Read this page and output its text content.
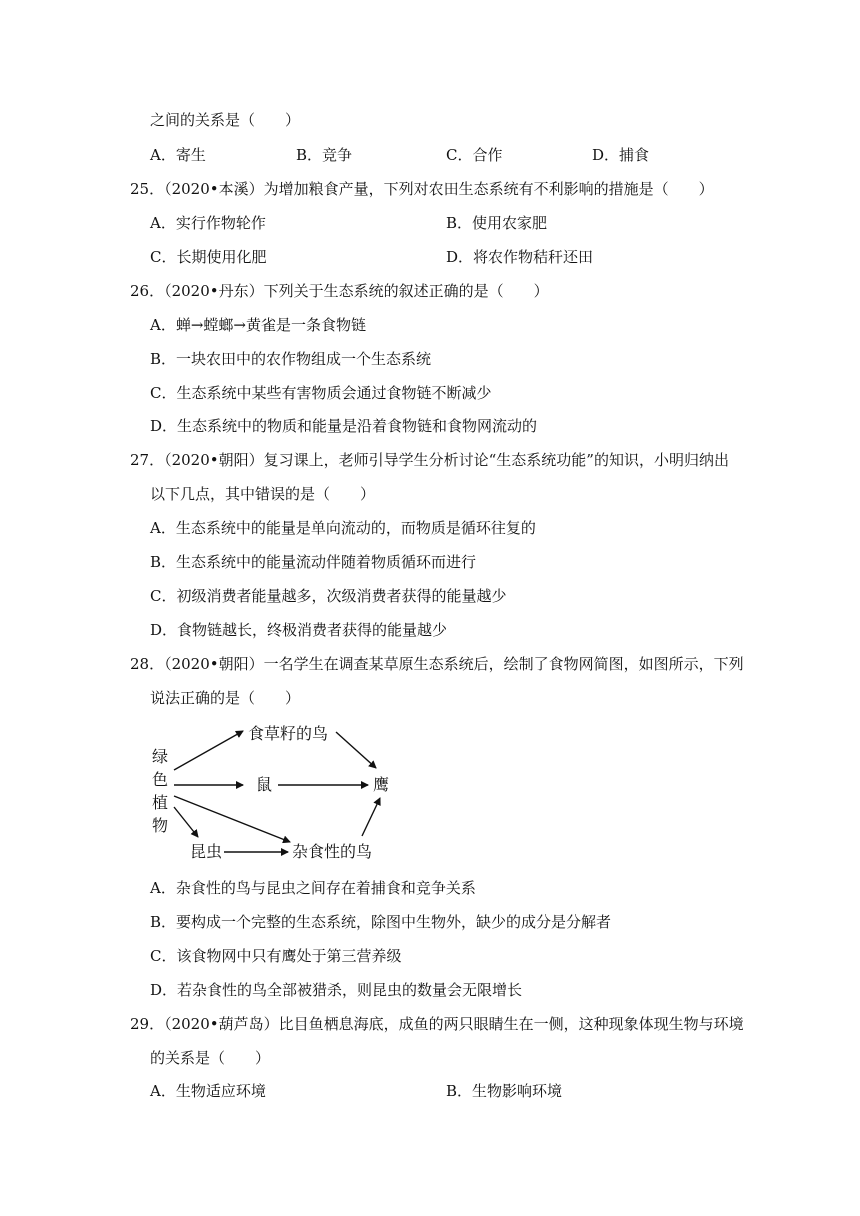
之间的关系是（　　）
A．寄生	B．竞争	C．合作	D．捕食
25．（2020•本溪）为增加粮食产量，下列对农田生态系统有不利影响的措施是（　　）
A．实行作物轮作	B．使用农家肥
C．长期使用化肥	D．将农作物秸秆还田
26．（2020•丹东）下列关于生态系统的叙述正确的是（　　）
A．蝉→螳螂→黄雀是一条食物链
B．一块农田中的农作物组成一个生态系统
C．生态系统中某些有害物质会通过食物链不断减少
D．生态系统中的物质和能量是沿着食物链和食物网流动的
27．（2020•朝阳）复习课上，老师引导学生分析讨论“生态系统功能”的知识，小明归纳出
以下几点，其中错误的是（　　）
A．生态系统中的能量是单向流动的，而物质是循环往复的
B．生态系统中的能量流动伴随着物质循环而进行
C．初级消费者能量越多，次级消费者获得的能量越少
D．食物链越长，终极消费者获得的能量越少
28．（2020•朝阳）一名学生在调查某草原生态系统后，绘制了食物网简图，如图所示，下列
说法正确的是（　　）
绿
色
植
物
食草籽的鸟
鼠	鹰
昆虫	杂食性的鸟
A．杂食性的鸟与昆虫之间存在着捕食和竞争关系
B．要构成一个完整的生态系统，除图中生物外，缺少的成分是分解者
C．该食物网中只有鹰处于第三营养级
D．若杂食性的鸟全部被猎杀，则昆虫的数量会无限增长
29．（2020•葫芦岛）比目鱼栖息海底，成鱼的两只眼睛生在一侧，这种现象体现生物与环境
的关系是（　　）
A．生物适应环境	B．生物影响环境
